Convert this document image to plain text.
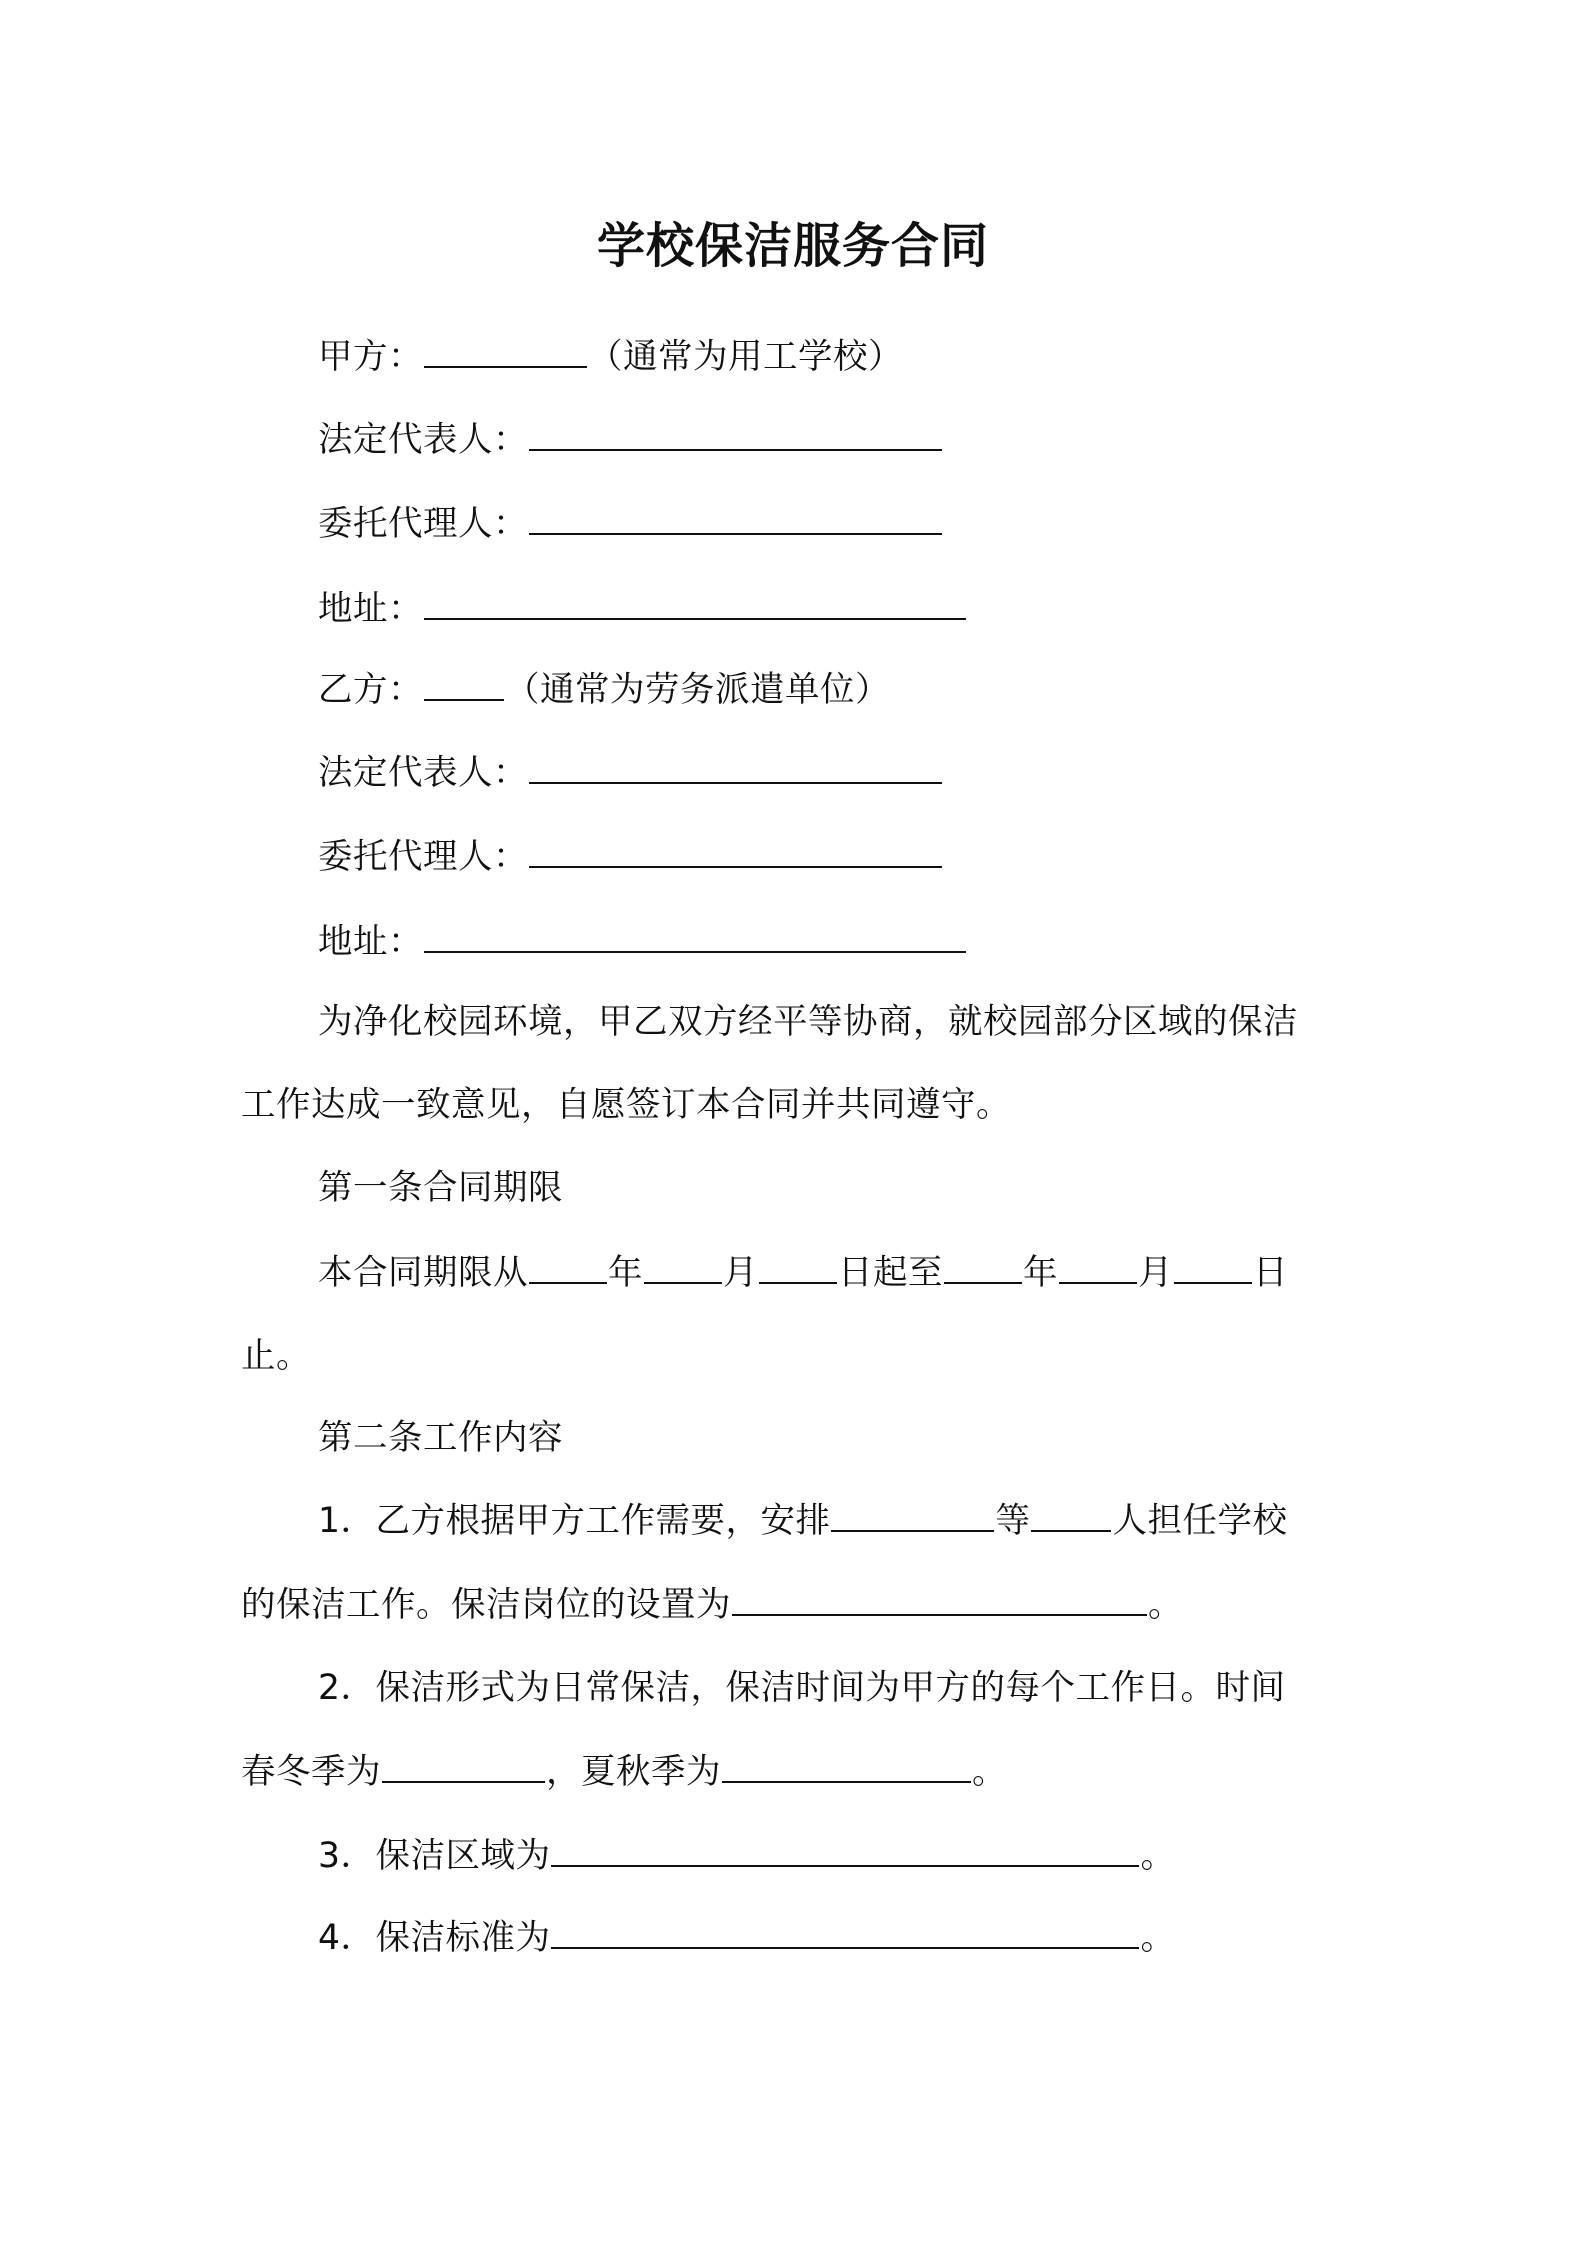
学校保洁服务合同
甲方：	（通常为用工学校）
法定代表人：
委托代理人：
地址：
乙方： （通常为劳务派遣单位）
法定代表人：
委托代理人：
地址：
为净化校园环境，甲乙双方经平等协商，就校园部分区域的保洁
工作达成一致意见，自愿签订本合同并共同遵守。
第一条合同期限
本合同期限从 年 月 日起至 年 月 日
止。
第二条工作内容
1．乙方根据甲方工作需要，安排	等 人担任学校
的保洁工作。保洁岗位的设置为	。
2．保洁形式为日常保洁，保洁时间为甲方的每个工作日。时间
春冬季为	，夏秋季为	。
3．保洁区域为	。
4．保洁标准为	。
